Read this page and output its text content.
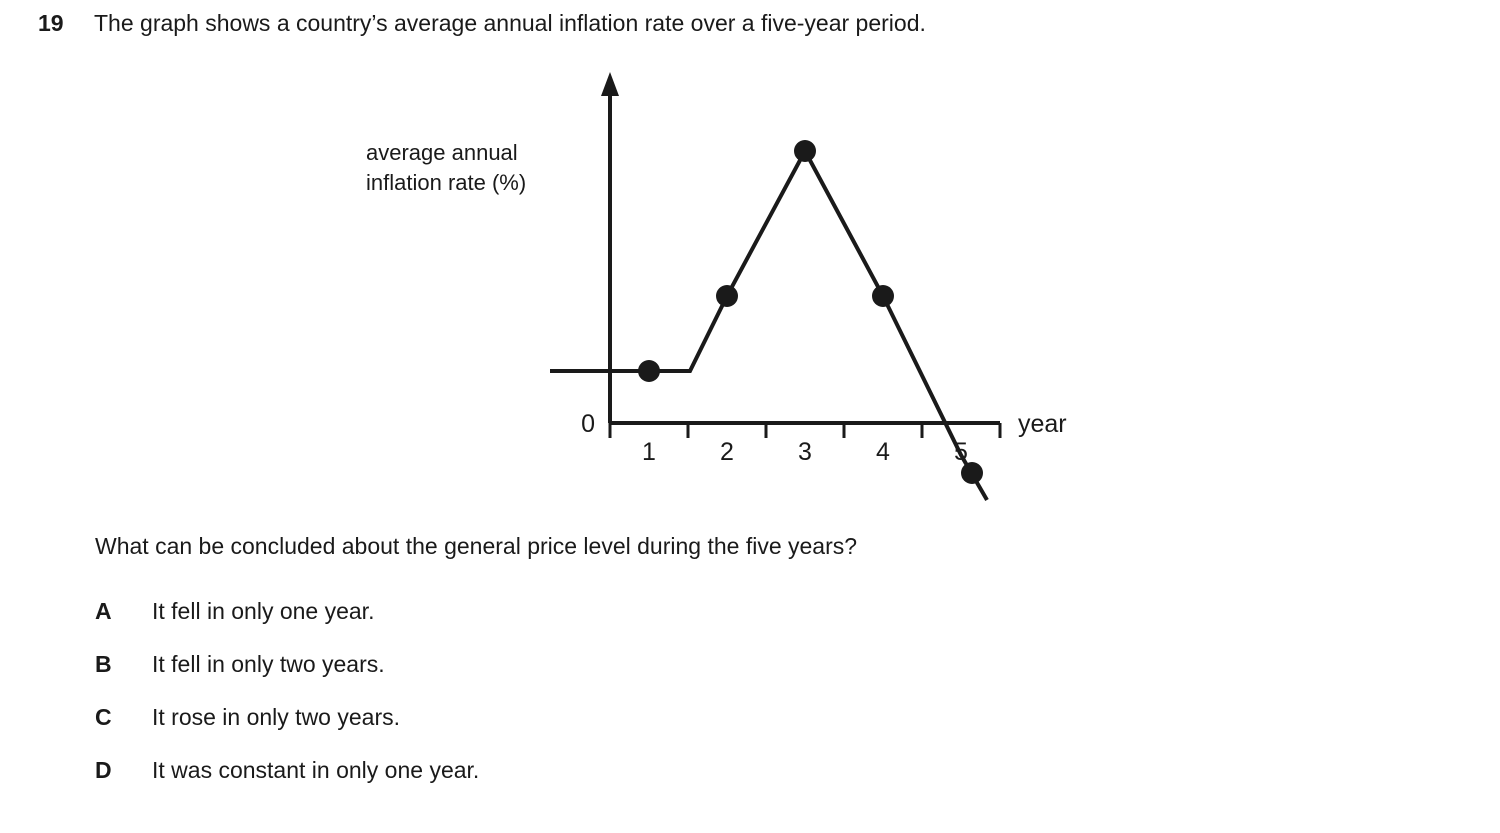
19	The graph shows a country’s average annual inflation rate over a five-year period.
average annual
inflation rate (%)
0
1	2	3	4	5
year
What can be concluded about the general price level during the five years?
A	It fell in only one year.
B	It fell in only two years.
C	It rose in only two years.
D	It was constant in only one year.
